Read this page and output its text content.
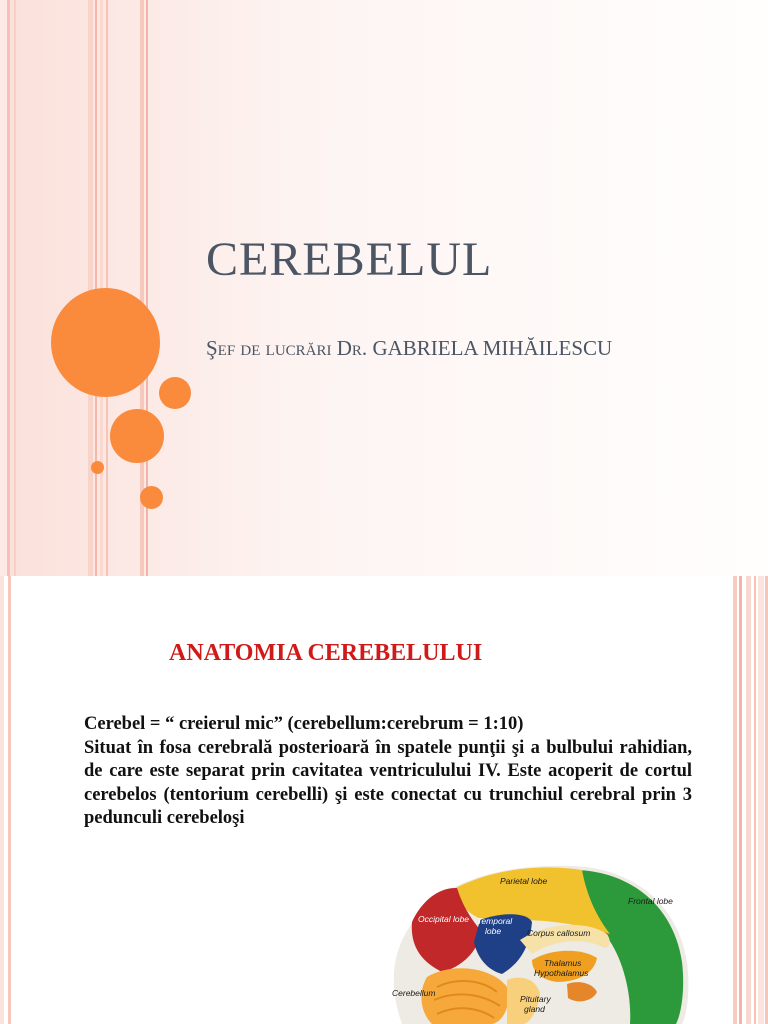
CEREBELUL
Şef de lucrări Dr. GABRIELA MIHĂILESCU
ANATOMIA CEREBELULUI

Cerebel = “ creierul mic” (cerebellum:cerebrum = 1:10)

Situat în fosa cerebrală posterioară în spatele punţii şi a bulbului rahidian, de care este separat prin cavitatea ventriculului IV. Este acoperit de cortul cerebelos (tentorium cerebelli) şi este conectat cu trunchiul cerebral prin 3 pedunculi cerebeloşi

Parietal lobe
Occipital lobe Temporal
lobe	Corpus callosum
Frontal lobe
Thalamus
Hypothalamus
Pituitary
gland
Cerebellum
